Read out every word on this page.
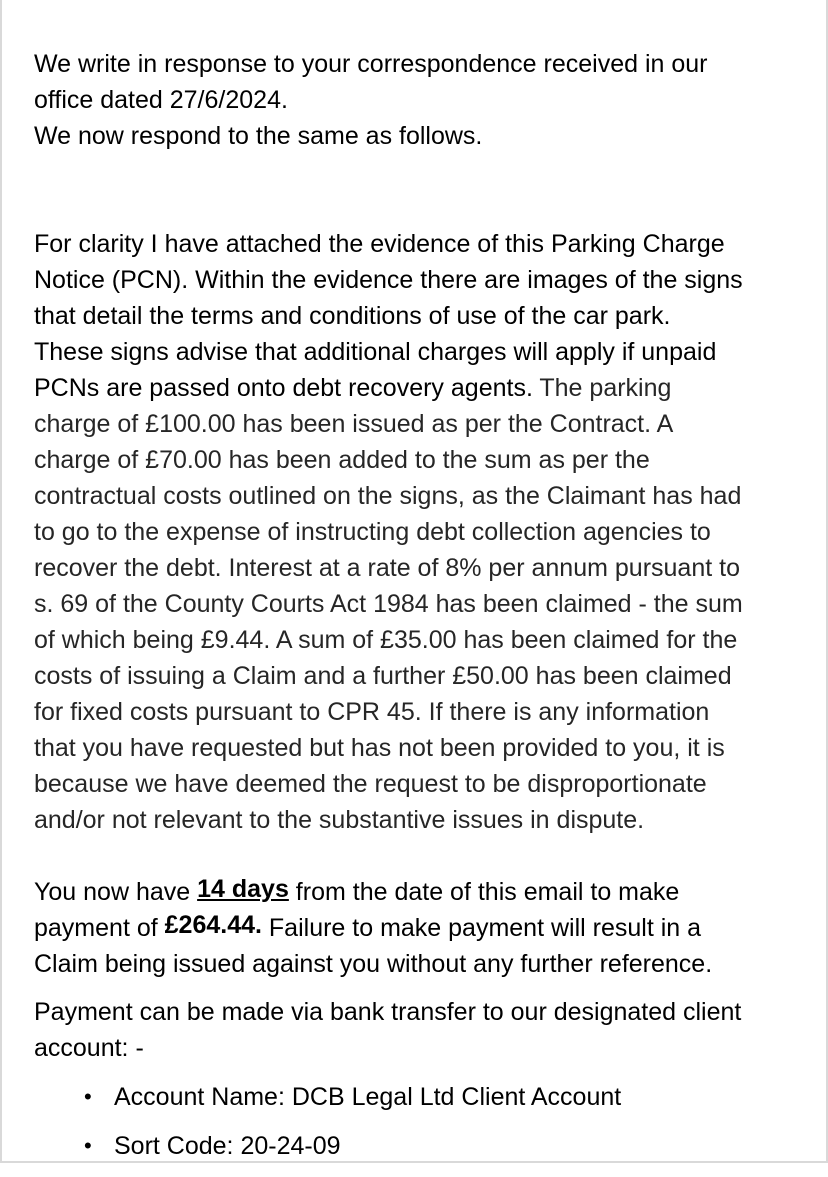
We write in response to your correspondence received in our
office dated 27/6/2024.
We now respond to the same as follows.
For clarity I have attached the evidence of this Parking Charge
Notice (PCN). Within the evidence there are images of the signs
that detail the terms and conditions of use of the car park.
These signs advise that additional charges will apply if unpaid
PCNs are passed onto debt recovery agents. The parking
charge of £100.00 has been issued as per the Contract. A
charge of £70.00 has been added to the sum as per the
contractual costs outlined on the signs, as the Claimant has had
to go to the expense of instructing debt collection agencies to
recover the debt. Interest at a rate of 8% per annum pursuant to
s. 69 of the County Courts Act 1984 has been claimed - the sum
of which being £9.44. A sum of £35.00 has been claimed for the
costs of issuing a Claim and a further £50.00 has been claimed
for fixed costs pursuant to CPR 45. If there is any information
that you have requested but has not been provided to you, it is
because we have deemed the request to be disproportionate
and/or not relevant to the substantive issues in dispute.
You now have 14 days from the date of this email to make
payment of £264.44. Failure to make payment will result in a
Claim being issued against you without any further reference.
Payment can be made via bank transfer to our designated client
account: -
• Account Name: DCB Legal Ltd Client Account
• Sort Code: 20-24-09
